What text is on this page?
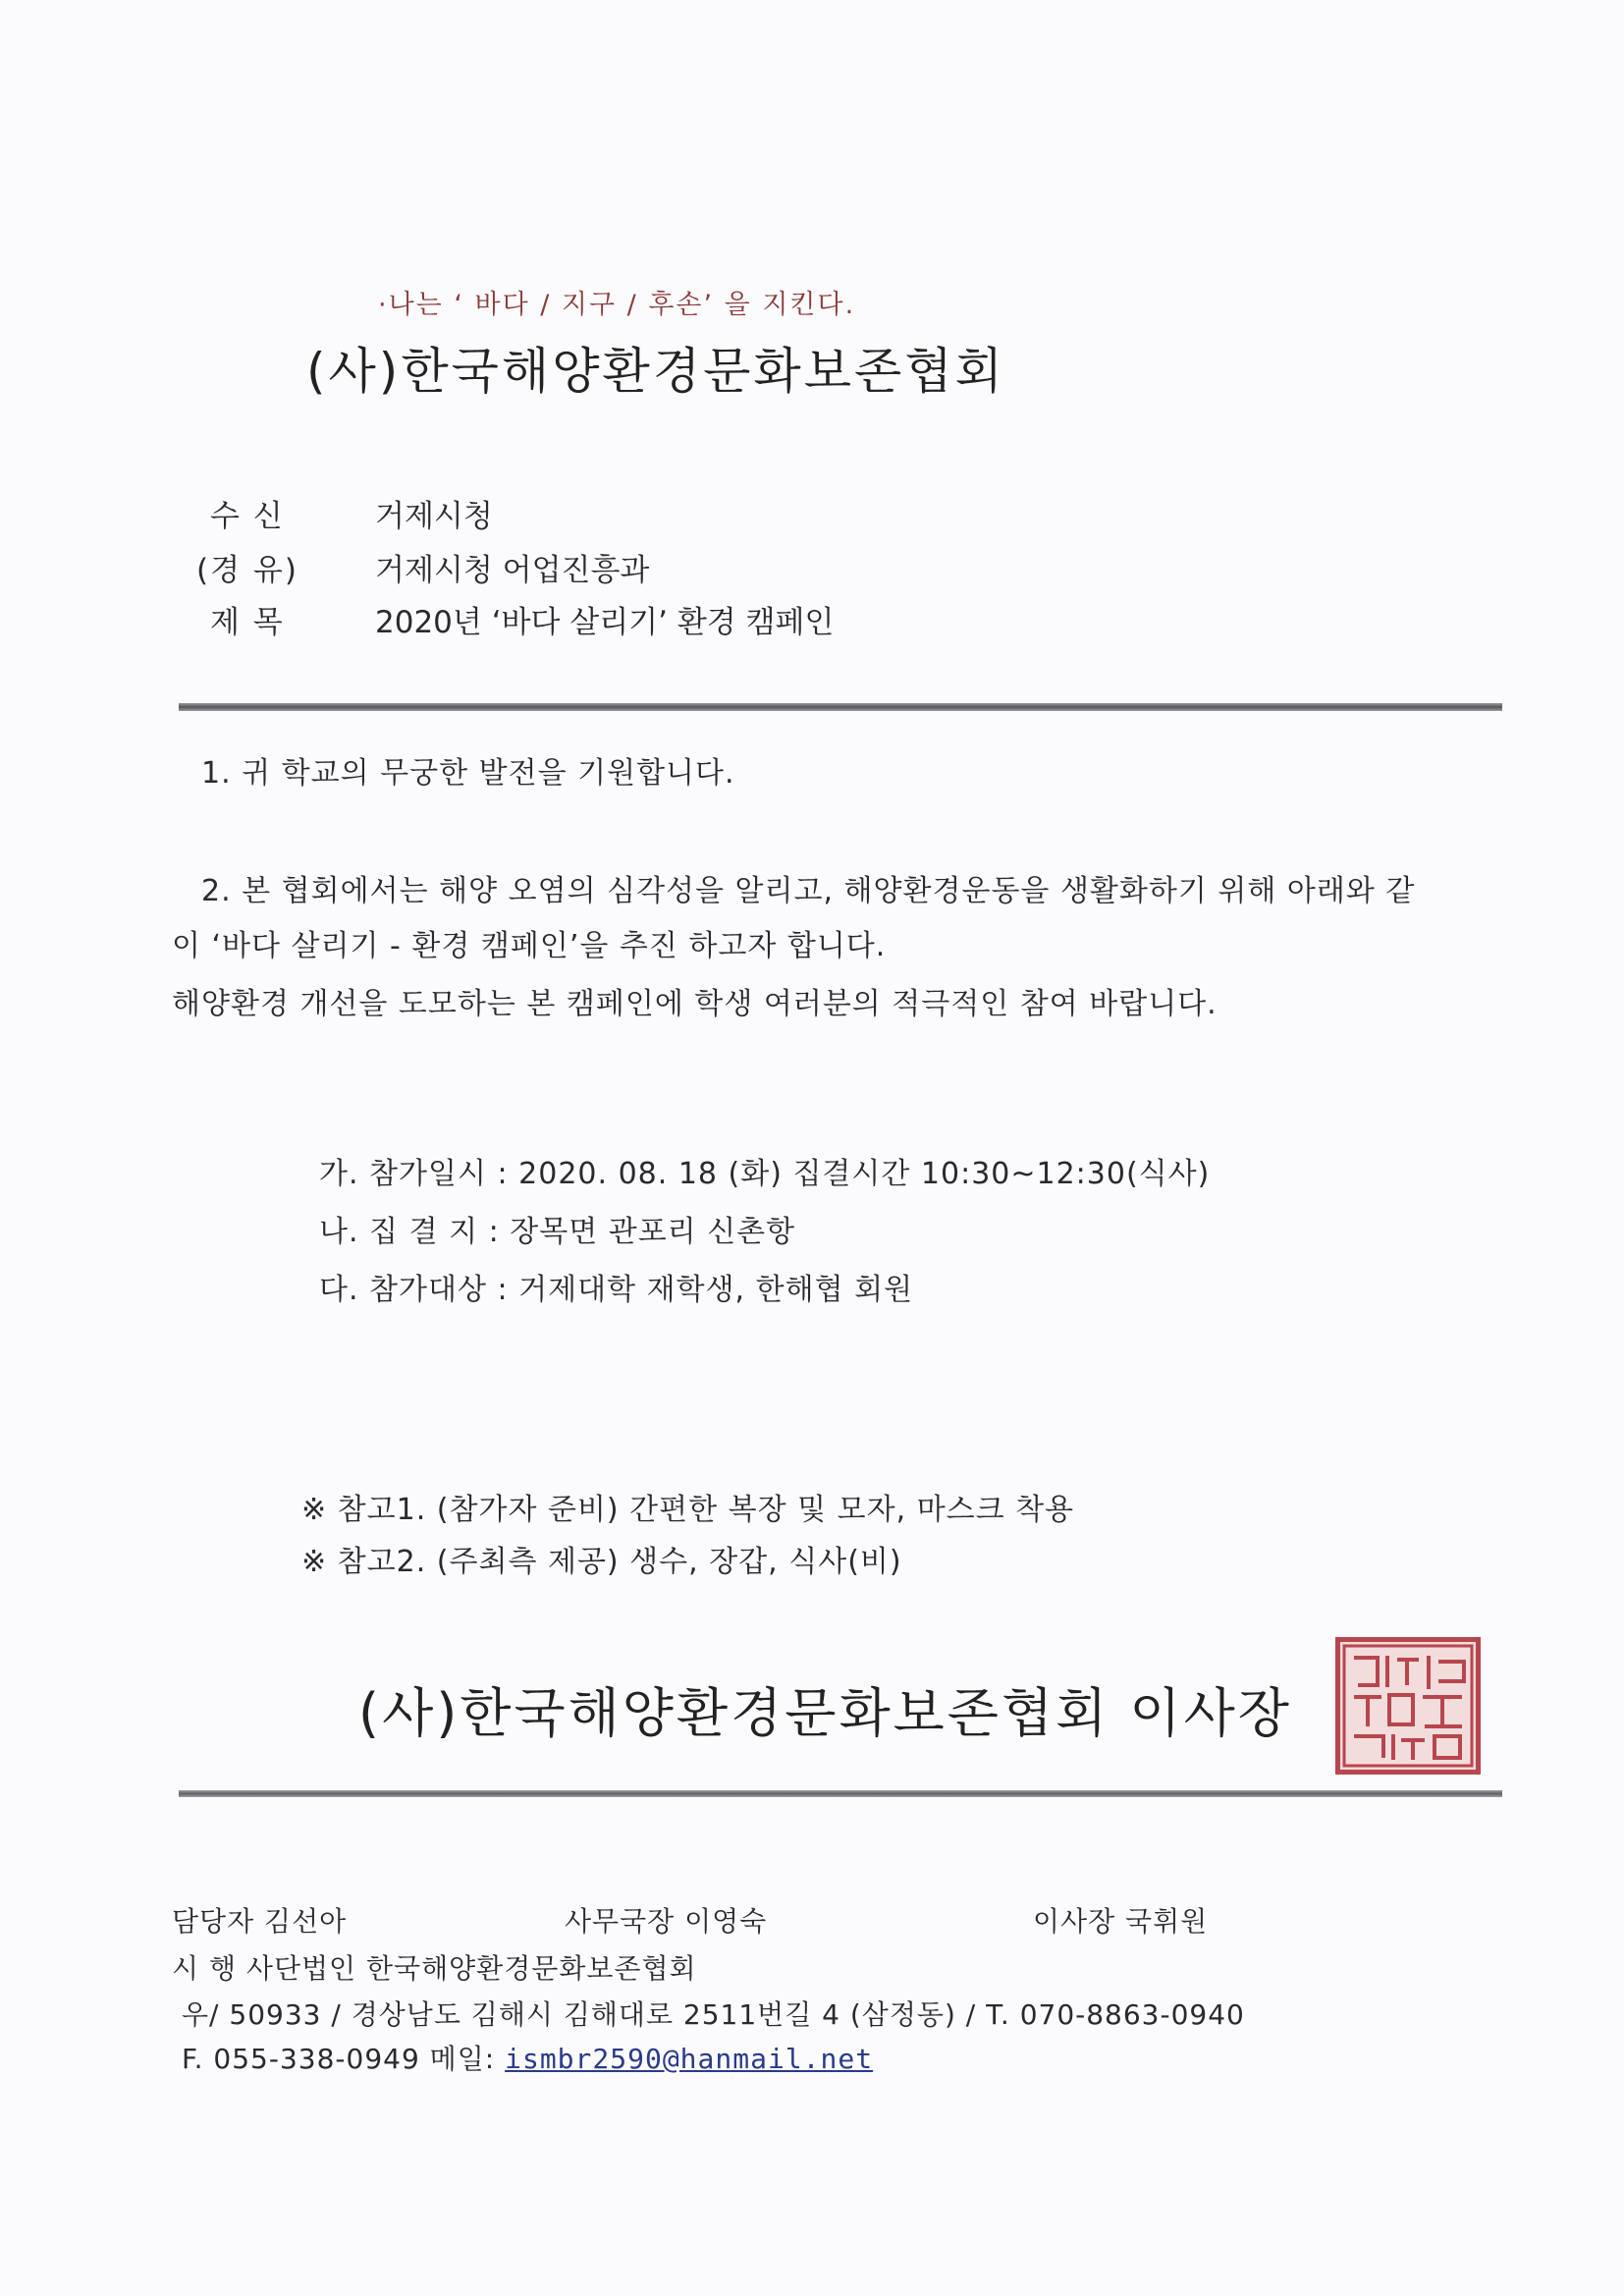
·나는 ‘ 바다 / 지구 / 후손’ 을 지킨다.
(사)한국해양환경문화보존협회
수 신	거제시청
(경 유)	거제시청 어업진흥과
제 목	2020년 ‘바다 살리기’ 환경 캠페인
1. 귀 학교의 무궁한 발전을 기원합니다.
2. 본 협회에서는 해양 오염의 심각성을 알리고, 해양환경운동을 생활화하기 위해 아래와 같
이 ‘바다 살리기 - 환경 캠페인’을 추진 하고자 합니다.
해양환경 개선을 도모하는 본 캠페인에 학생 여러분의 적극적인 참여 바랍니다.
가. 참가일시 : 2020. 08. 18 (화) 집결시간 10:30~12:30(식사)
나. 집 결 지 : 장목면 관포리 신촌항
다. 참가대상 : 거제대학 재학생, 한해협 회원
※ 참고1. (참가자 준비) 간편한 복장 및 모자, 마스크 착용
※ 참고2. (주최측 제공) 생수, 장갑, 식사(비)
(사)한국해양환경문화보존협회 이사장
담당자 김선아	사무국장 이영숙	이사장 국휘원
시 행 사단법인 한국해양환경문화보존협회
우/ 50933 / 경상남도 김해시 김해대로 2511번길 4 (삼정동) / T. 070-8863-0940
F. 055-338-0949 메일: ismbr2590@hanmail.net
